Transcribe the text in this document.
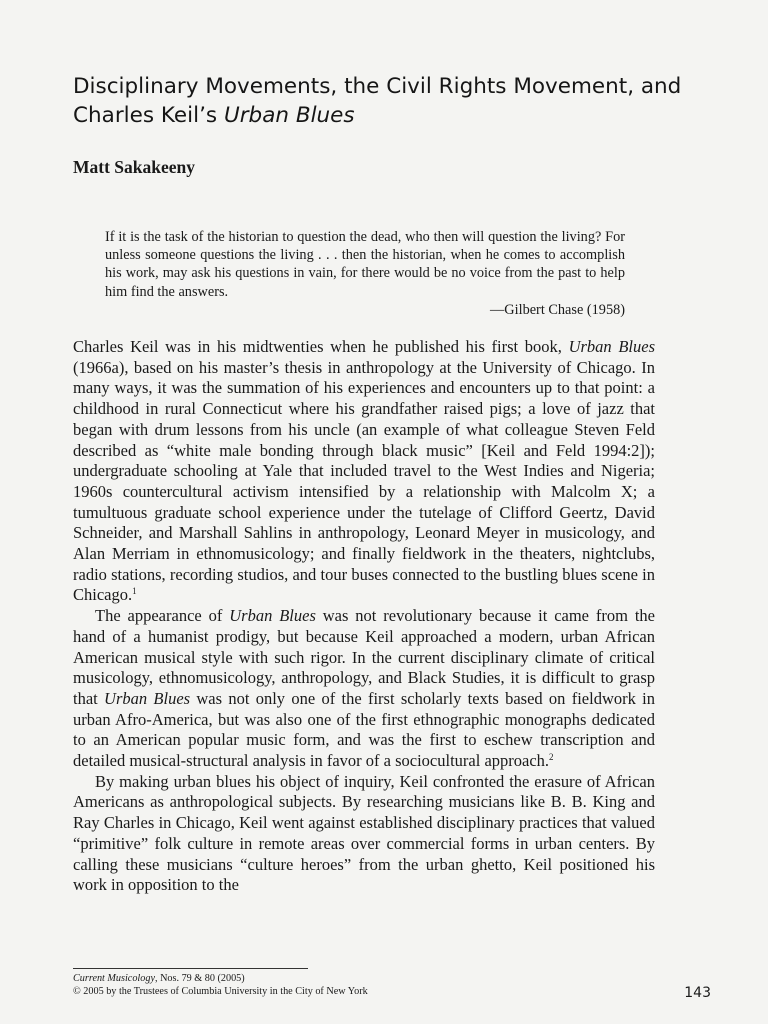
Disciplinary Movements, the Civil Rights Movement, and Charles Keil’s Urban Blues
Matt Sakakeeny

If it is the task of the historian to question the dead, who then will question the living? For unless someone questions the living . . . then the historian, when he comes to accomplish his work, may ask his questions in vain, for there would be no voice from the past to help him find the answers.

—Gilbert Chase (1958)

Charles Keil was in his midtwenties when he published his first book, Urban Blues (1966a), based on his master’s thesis in anthropology at the University of Chicago. In many ways, it was the summation of his experiences and encounters up to that point: a childhood in rural Connecticut where his grandfather raised pigs; a love of jazz that began with drum lessons from his uncle (an example of what colleague Steven Feld described as “white male bonding through black music” [Keil and Feld 1994:2]); undergraduate schooling at Yale that included travel to the West Indies and Nigeria; 1960s countercultural activism intensified by a relationship with Malcolm X; a tumultuous graduate school experience under the tutelage of Clifford Geertz, David Schneider, and Marshall Sahlins in anthropology, Leonard Meyer in musicology, and Alan Merriam in ethnomusicology; and finally fieldwork in the theaters, nightclubs, radio stations, recording studios, and tour buses connected to the bustling blues scene in Chicago.$^1$

The appearance of Urban Blues was not revolutionary because it came from the hand of a humanist prodigy, but because Keil approached a modern, urban African American musical style with such rigor. In the current disciplinary climate of critical musicology, ethnomusicology, anthropology, and Black Studies, it is difficult to grasp that Urban Blues was not only one of the first scholarly texts based on fieldwork in urban Afro-America, but was also one of the first ethnographic monographs dedicated to an American popular music form, and was the first to eschew transcription and detailed musical-structural analysis in favor of a sociocultural approach.$^2$

By making urban blues his object of inquiry, Keil confronted the erasure of African Americans as anthropological subjects. By researching musicians like B. B. King and Ray Charles in Chicago, Keil went against established disciplinary practices that valued “primitive” folk culture in remote areas over commercial forms in urban centers. By calling these musicians “culture heroes” from the urban ghetto, Keil positioned his work in opposition to the

Current Musicology, Nos. 79 & 80 (2005)
© 2005 by the Trustees of Columbia University in the City of New York	143
